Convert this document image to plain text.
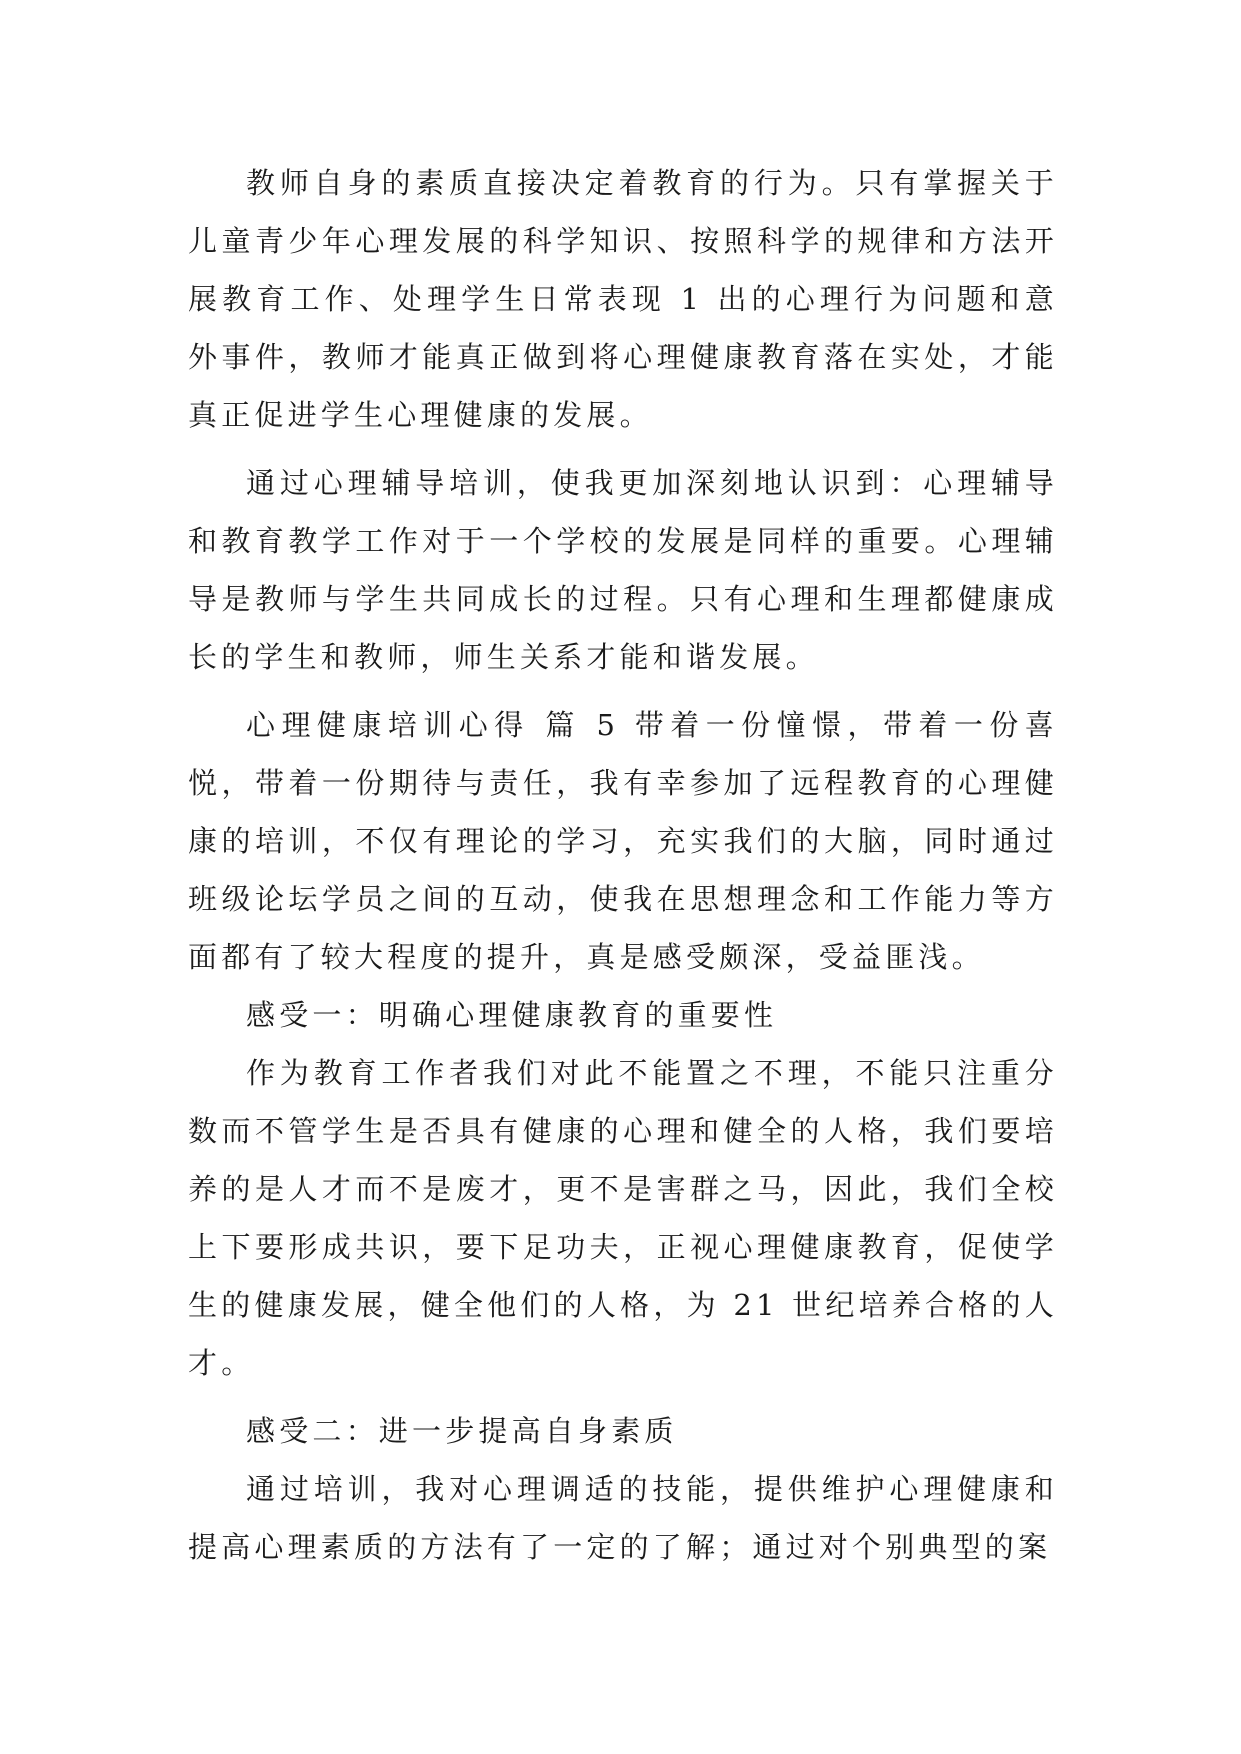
教师自身的素质直接决定着教育的行为。只有掌握关于儿童青少年心理发展的科学知识、按照科学的规律和方法开展教育工作、处理学生日常表现 1 出的心理行为问题和意外事件，教师才能真正做到将心理健康教育落在实处，才能真正促进学生心理健康的发展。

通过心理辅导培训，使我更加深刻地认识到：心理辅导和教育教学工作对于一个学校的发展是同样的重要。心理辅导是教师与学生共同成长的过程。只有心理和生理都健康成长的学生和教师，师生关系才能和谐发展。

心理健康培训心得 篇 5 带着一份憧憬，带着一份喜悦，带着一份期待与责任，我有幸参加了远程教育的心理健康的培训，不仅有理论的学习，充实我们的大脑，同时通过班级论坛学员之间的互动，使我在思想理念和工作能力等方面都有了较大程度的提升，真是感受颇深，受益匪浅。

感受一：明确心理健康教育的重要性

作为教育工作者我们对此不能置之不理，不能只注重分数而不管学生是否具有健康的心理和健全的人格，我们要培养的是人才而不是废才，更不是害群之马，因此，我们全校上下要形成共识，要下足功夫，正视心理健康教育，促使学生的健康发展，健全他们的人格，为 21 世纪培养合格的人才。

感受二：进一步提高自身素质

通过培训，我对心理调适的技能，提供维护心理健康和提高心理素质的方法有了一定的了解；通过对个别典型的案
